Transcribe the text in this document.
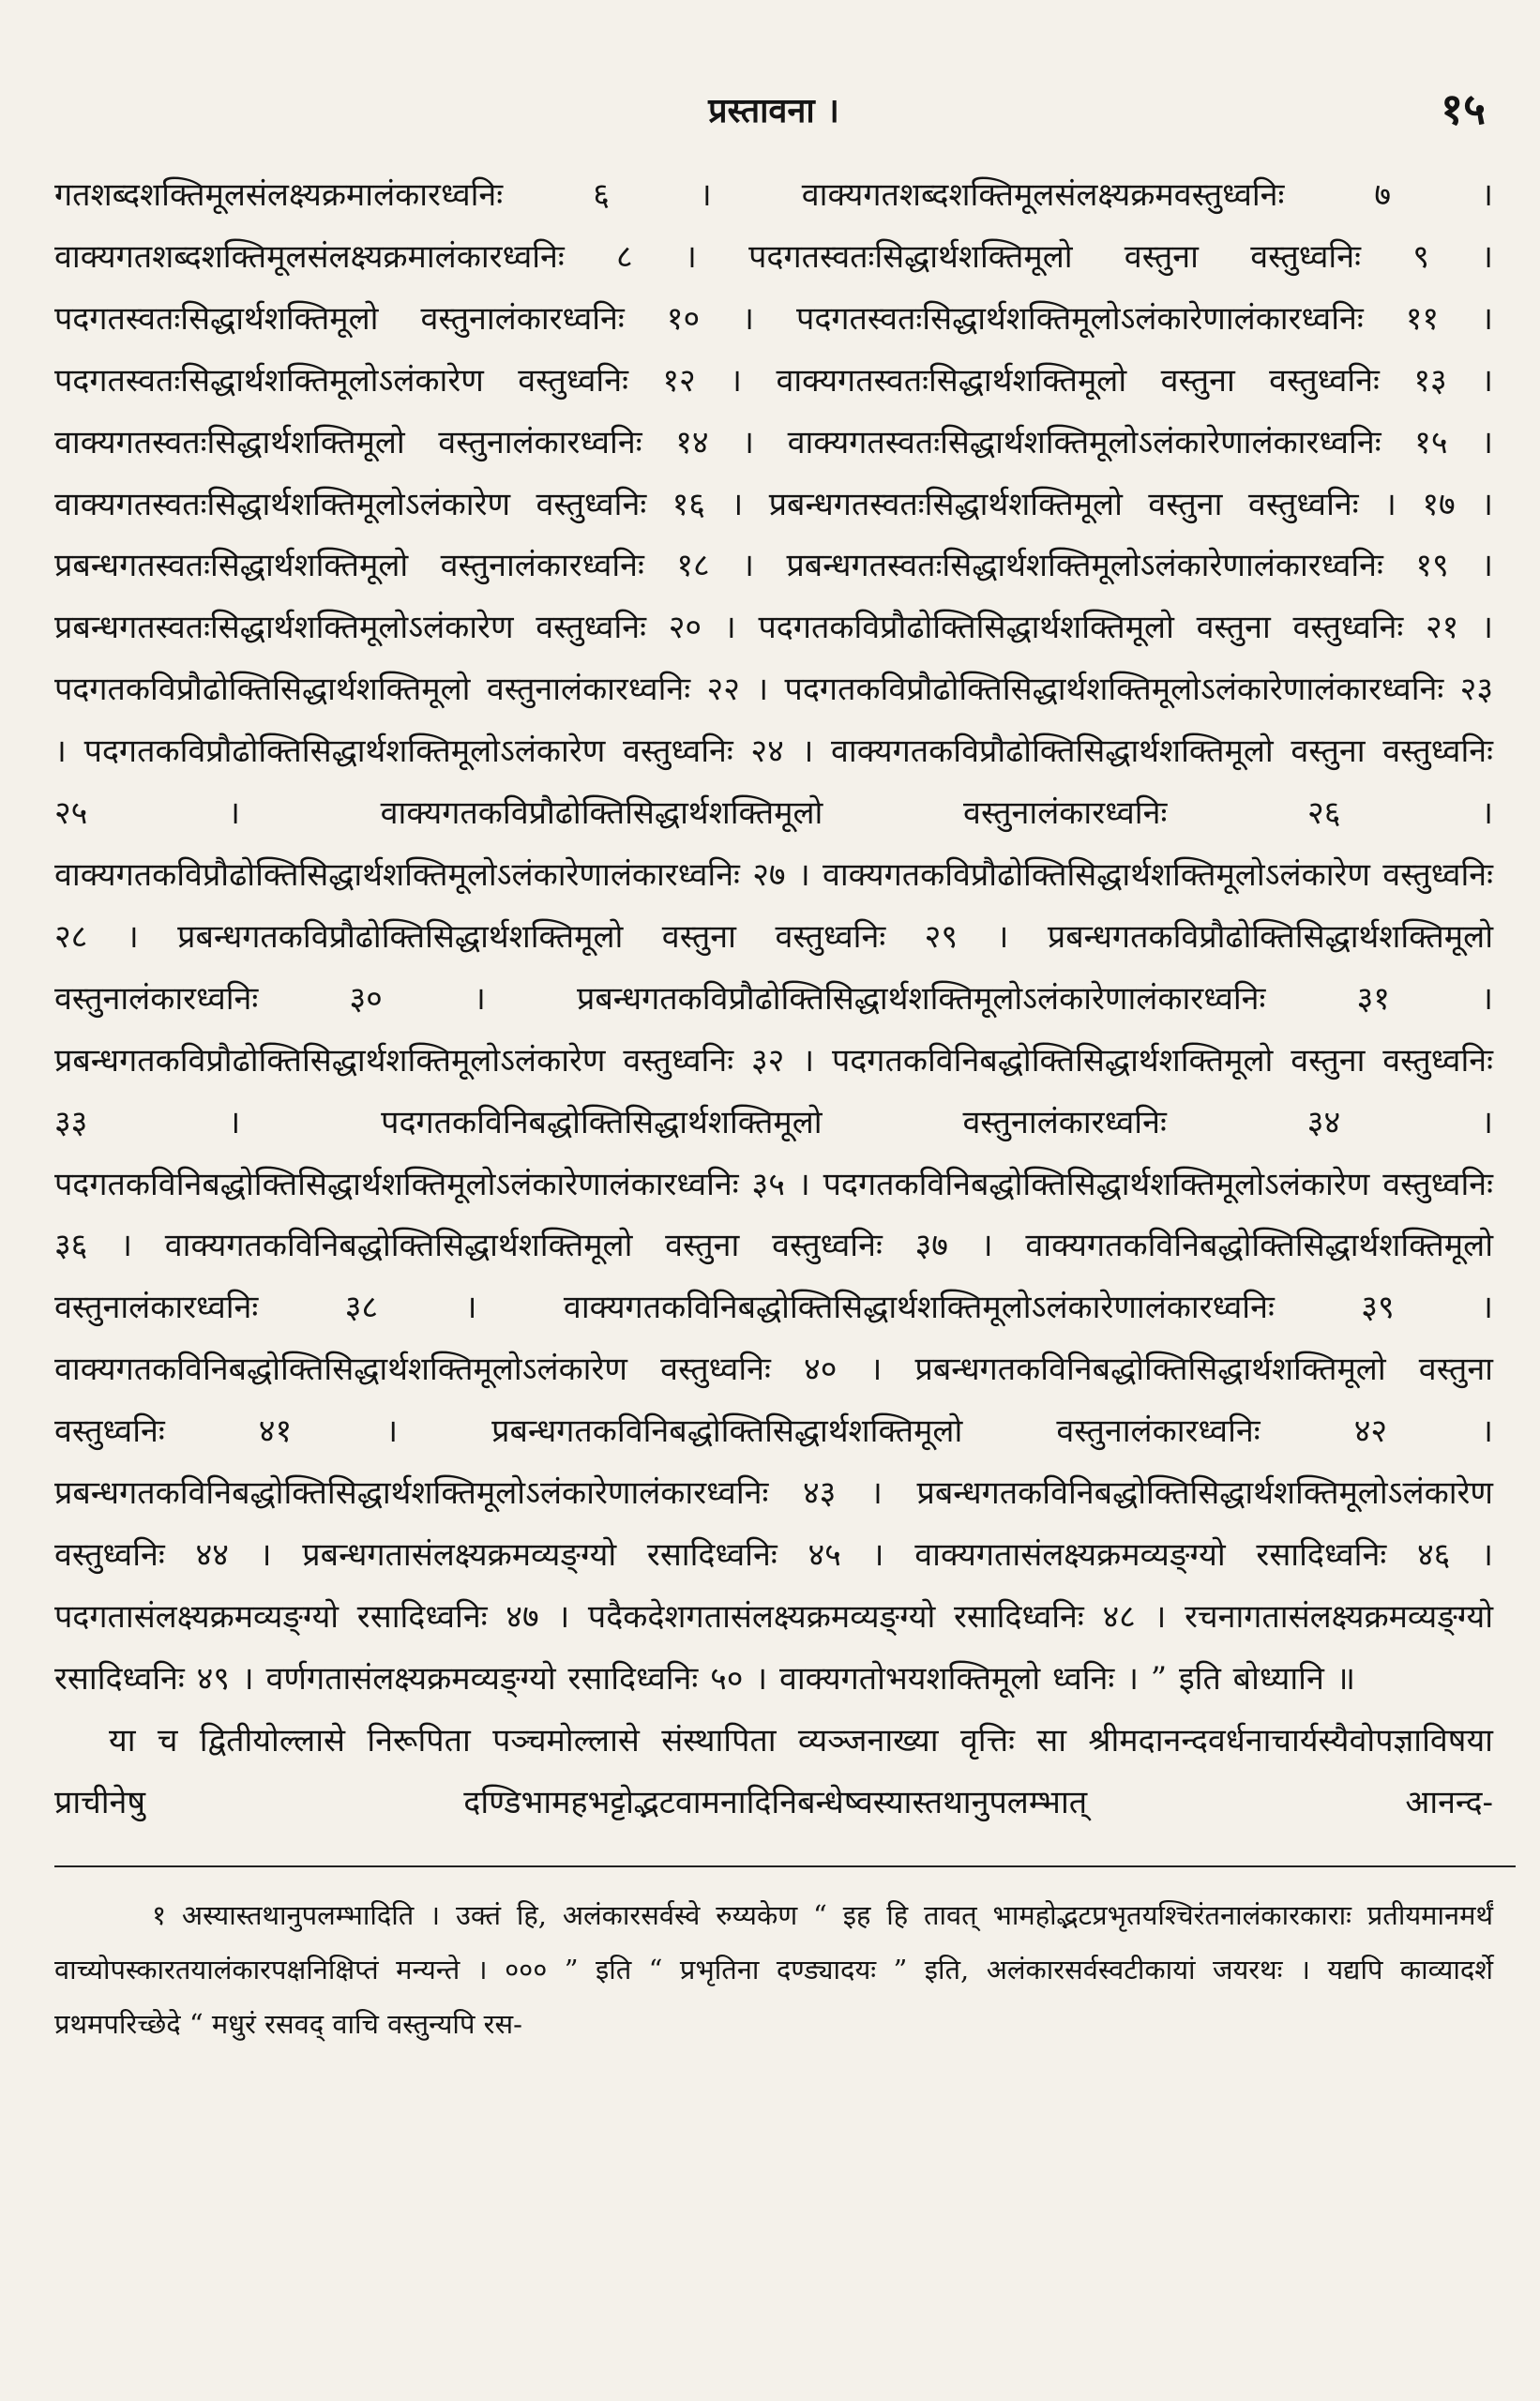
प्रस्तावना ।	१५

गतशब्दशक्तिमूलसंलक्ष्यक्रमालंकारध्वनिः ६ । वाक्यगतशब्दशक्तिमूलसंलक्ष्यक्रमवस्तुध्वनिः ७ । वाक्यगतशब्दशक्तिमूलसंलक्ष्यक्रमालंकारध्वनिः ८ । पदगतस्वतःसिद्धार्थशक्तिमूलो वस्तुना वस्तुध्वनिः ९ । पदगतस्वतःसिद्धार्थशक्तिमूलो वस्तुनालंकारध्वनिः १० । पदगतस्वतःसिद्धार्थशक्तिमूलोऽलंकारेणालंकारध्वनिः ११ । पदगतस्वतःसिद्धार्थशक्तिमूलोऽलंकारेण वस्तुध्वनिः १२ । वाक्यगतस्वतःसिद्धार्थशक्तिमूलो वस्तुना वस्तुध्वनिः १३ । वाक्यगतस्वतःसिद्धार्थशक्तिमूलो वस्तुनालंकारध्वनिः १४ । वाक्यगतस्वतःसिद्धार्थशक्तिमूलोऽलंकारेणालंकारध्वनिः १५ । वाक्यगतस्वतःसिद्धार्थशक्तिमूलोऽलंकारेण वस्तुध्वनिः १६ । प्रबन्धगतस्वतःसिद्धार्थशक्तिमूलो वस्तुना वस्तुध्वनिः । १७ । प्रबन्धगतस्वतःसिद्धार्थशक्तिमूलो वस्तुनालंकारध्वनिः १८ । प्रबन्धगतस्वतःसिद्धार्थशक्तिमूलोऽलंकारेणालंकारध्वनिः १९ । प्रबन्धगतस्वतःसिद्धार्थशक्तिमूलोऽलंकारेण वस्तुध्वनिः २० । पदगतकविप्रौढोक्तिसिद्धार्थशक्तिमूलो वस्तुना वस्तुध्वनिः २१ । पदगतकविप्रौढोक्तिसिद्धार्थशक्तिमूलो वस्तुनालंकारध्वनिः २२ । पदगतकविप्रौढोक्तिसिद्धार्थशक्तिमूलोऽलंकारेणालंकारध्वनिः २३ । पदगतकविप्रौढोक्तिसिद्धार्थशक्तिमूलोऽलंकारेण वस्तुध्वनिः २४ । वाक्यगतकविप्रौढोक्तिसिद्धार्थशक्तिमूलो वस्तुना वस्तुध्वनिः २५ । वाक्यगतकविप्रौढोक्तिसिद्धार्थशक्तिमूलो वस्तुनालंकारध्वनिः २६ । वाक्यगतकविप्रौढोक्तिसिद्धार्थशक्तिमूलोऽलंकारेणालंकारध्वनिः २७ । वाक्यगतकविप्रौढोक्तिसिद्धार्थशक्तिमूलोऽलंकारेण वस्तुध्वनिः २८ । प्रबन्धगतकविप्रौढोक्तिसिद्धार्थशक्तिमूलो वस्तुना वस्तुध्वनिः २९ । प्रबन्धगतकविप्रौढोक्तिसिद्धार्थशक्तिमूलो वस्तुनालंकारध्वनिः ३० । प्रबन्धगतकविप्रौढोक्तिसिद्धार्थशक्तिमूलोऽलंकारेणालंकारध्वनिः ३१ । प्रबन्धगतकविप्रौढोक्तिसिद्धार्थशक्तिमूलोऽलंकारेण वस्तुध्वनिः ३२ । पदगतकविनिबद्धोक्तिसिद्धार्थशक्तिमूलो वस्तुना वस्तुध्वनिः ३३ । पदगतकविनिबद्धोक्तिसिद्धार्थशक्तिमूलो वस्तुनालंकारध्वनिः ३४ । पदगतकविनिबद्धोक्तिसिद्धार्थशक्तिमूलोऽलंकारेणालंकारध्वनिः ३५ । पदगतकविनिबद्धोक्तिसिद्धार्थशक्तिमूलोऽलंकारेण वस्तुध्वनिः ३६ । वाक्यगतकविनिबद्धोक्तिसिद्धार्थशक्तिमूलो वस्तुना वस्तुध्वनिः ३७ । वाक्यगतकविनिबद्धोक्तिसिद्धार्थशक्तिमूलो वस्तुनालंकारध्वनिः ३८ । वाक्यगतकविनिबद्धोक्तिसिद्धार्थशक्तिमूलोऽलंकारेणालंकारध्वनिः ३९ । वाक्यगतकविनिबद्धोक्तिसिद्धार्थशक्तिमूलोऽलंकारेण वस्तुध्वनिः ४० । प्रबन्धगतकविनिबद्धोक्तिसिद्धार्थशक्तिमूलो वस्तुना वस्तुध्वनिः ४१ । प्रबन्धगतकविनिबद्धोक्तिसिद्धार्थशक्तिमूलो वस्तुनालंकारध्वनिः ४२ । प्रबन्धगतकविनिबद्धोक्तिसिद्धार्थशक्तिमूलोऽलंकारेणालंकारध्वनिः ४३ । प्रबन्धगतकविनिबद्धोक्तिसिद्धार्थशक्तिमूलोऽलंकारेण वस्तुध्वनिः ४४ । प्रबन्धगतासंलक्ष्यक्रमव्यङ्ग्यो रसादिध्वनिः ४५ । वाक्यगतासंलक्ष्यक्रमव्यङ्ग्यो रसादिध्वनिः ४६ । पदगतासंलक्ष्यक्रमव्यङ्ग्यो रसादिध्वनिः ४७ । पदैकदेशगतासंलक्ष्यक्रमव्यङ्ग्यो रसादिध्वनिः ४८ । रचनागतासंलक्ष्यक्रमव्यङ्ग्यो रसादिध्वनिः ४९ । वर्णगतासंलक्ष्यक्रमव्यङ्ग्यो रसादिध्वनिः ५० । वाक्यगतोभयशक्तिमूलो ध्वनिः । ” इति बोध्यानि ॥

या च द्वितीयोल्लासे निरूपिता पञ्चमोल्लासे संस्थापिता व्यञ्जनाख्या वृत्तिः सा श्रीमदानन्दवर्धनाचार्यस्यैवोपज्ञाविषया प्राचीनेषु दण्डिभामहभट्टोद्भटवामनादिनिबन्धेष्वस्यास्तथानुपलम्भात् आनन्द-

१ अस्यास्तथानुपलम्भादिति । उक्तं हि, अलंकारसर्वस्वे रुय्यकेण “ इह हि तावत् भामहोद्भटप्रभृतयश्चिरंतनालंकारकाराः प्रतीयमानमर्थं वाच्योपस्कारतयालंकारपक्षनिक्षिप्तं मन्यन्ते । ००० ” इति “ प्रभृतिना दण्ड्यादयः ” इति, अलंकारसर्वस्वटीकायां जयरथः । यद्यपि काव्यादर्शे प्रथमपरिच्छेदे “ मधुरं रसवद् वाचि वस्तुन्यपि रस-
